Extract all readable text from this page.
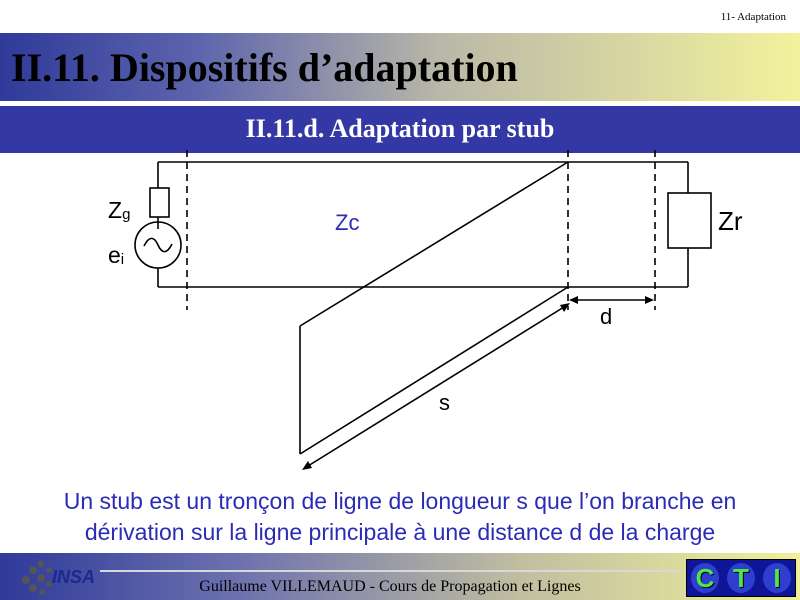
11- Adaptation
II.11. Dispositifs d’adaptation
II.11.d. Adaptation par stub
Zg
ei
Zc	Zr
d
s
Un stub est un tronçon de ligne de longueur s que l’on branche en
dérivation sur la ligne principale à une distance d de la charge
Guillaume VILLEMAUD - Cours de Propagation et Lignes
INSA	C T I
